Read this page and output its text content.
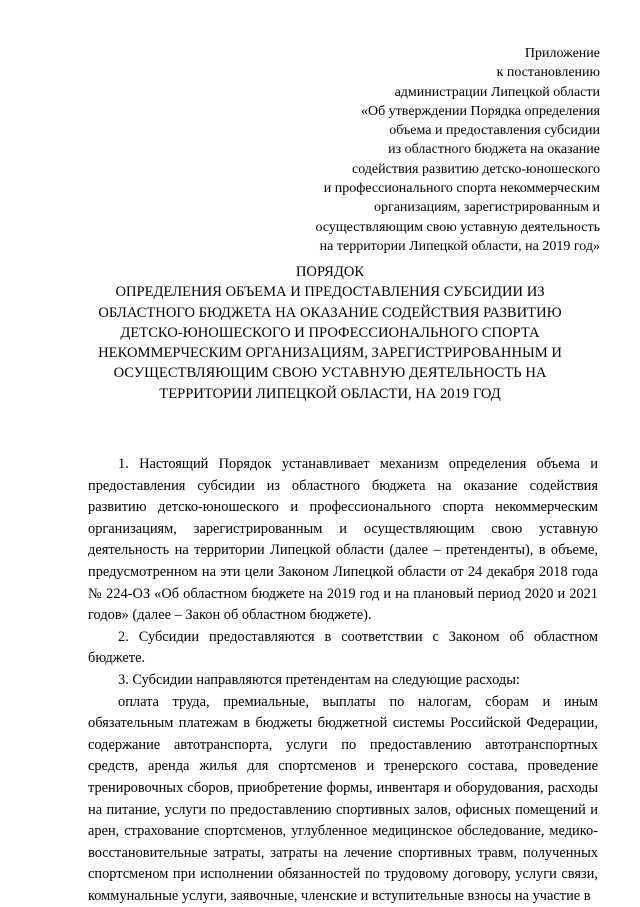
Приложение
к постановлению
администрации Липецкой области
«Об утверждении Порядка определения
объема и предоставления субсидии
из областного бюджета на оказание
содействия развитию детско-юношеского
и профессионального спорта некоммерческим
организациям, зарегистрированным и
осуществляющим свою уставную деятельность
на территории Липецкой области, на 2019 год»
ПОРЯДОК
ОПРЕДЕЛЕНИЯ ОБЪЕМА И ПРЕДОСТАВЛЕНИЯ СУБСИДИИ ИЗ
ОБЛАСТНОГО БЮДЖЕТА НА ОКАЗАНИЕ СОДЕЙСТВИЯ РАЗВИТИЮ
ДЕТСКО-ЮНОШЕСКОГО И ПРОФЕССИОНАЛЬНОГО СПОРТА
НЕКОММЕРЧЕСКИМ ОРГАНИЗАЦИЯМ, ЗАРЕГИСТРИРОВАННЫМ И
ОСУЩЕСТВЛЯЮЩИМ СВОЮ УСТАВНУЮ ДЕЯТЕЛЬНОСТЬ НА
ТЕРРИТОРИИ ЛИПЕЦКОЙ ОБЛАСТИ, НА 2019 ГОД

1. Настоящий Порядок устанавливает механизм определения объема и предоставления субсидии из областного бюджета на оказание содействия развитию детско-юношеского и профессионального спорта некоммерческим организациям, зарегистрированным и осуществляющим свою уставную деятельность на территории Липецкой области (далее – претенденты), в объеме, предусмотренном на эти цели Законом Липецкой области от 24 декабря 2018 года № 224-ОЗ «Об областном бюджете на 2019 год и на плановый период 2020 и 2021 годов» (далее – Закон об областном бюджете).

2. Субсидии предоставляются в соответствии с Законом об областном бюджете.

3. Субсидии направляются претендентам на следующие расходы:

оплата труда, премиальные, выплаты по налогам, сборам и иным обязательным платежам в бюджеты бюджетной системы Российской Федерации, содержание автотранспорта, услуги по предоставлению автотранспортных средств, аренда жилья для спортсменов и тренерского состава, проведение тренировочных сборов, приобретение формы, инвентаря и оборудования, расходы на питание, услуги по предоставлению спортивных залов, офисных помещений и арен, страхование спортсменов, углубленное медицинское обследование, медико-восстановительные затраты, затраты на лечение спортивных травм, полученных спортсменом при исполнении обязанностей по трудовому договору, услуги связи, коммунальные услуги, заявочные, членские и вступительные взносы на участие в
